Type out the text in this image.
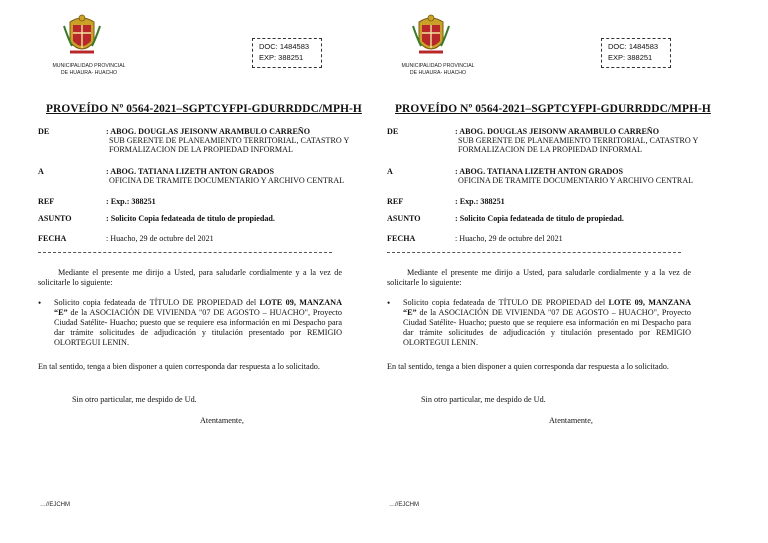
MUNICIPALIDAD PROVINCIAL
DE HUAURA- HUACHO
DOC: 1484583
EXP: 388251
PROVEÍDO Nº 0564-2021–SGPTCYFPI-GDURRDDC/MPH-H
DE	: ABOG. DOUGLAS JEISONW ARAMBULO CARREÑO
SUB GERENTE DE PLANEAMIENTO TERRITORIAL, CATASTRO Y
FORMALIZACION DE LA PROPIEDAD INFORMAL
A	: ABOG. TATIANA LIZETH ANTON GRADOS
OFICINA DE TRAMITE DOCUMENTARIO Y ARCHIVO CENTRAL
REF	: Exp.: 388251
ASUNTO	: Solicito Copia fedateada de titulo de propiedad.
FECHA	: Huacho, 29 de octubre del 2021
Mediante el presente me dirijo a Usted, para saludarle cordialmente y a la vez de solicitarle lo siguiente:
• Solicito copia fedateada de TÍTULO DE PROPIEDAD del LOTE 09, MANZANA “E” de la ASOCIACIÓN DE VIVIENDA "07 DE AGOSTO – HUACHO", Proyecto Ciudad Satélite- Huacho; puesto que se requiere esa información en mi Despacho para dar trámite solicitudes de adjudicación y titulación presentado por REMIGIO OLORTEGUI LENIN.
En tal sentido, tenga a bien disponer a quien corresponda dar respuesta a lo solicitado.
Sin otro particular, me despido de Ud.
Atentamente,
…//EJCHM
MUNICIPALIDAD PROVINCIAL
DE HUAURA- HUACHO
DOC: 1484583
EXP: 388251
PROVEÍDO Nº 0564-2021–SGPTCYFPI-GDURRDDC/MPH-H
DE	: ABOG. DOUGLAS JEISONW ARAMBULO CARREÑO
SUB GERENTE DE PLANEAMIENTO TERRITORIAL, CATASTRO Y
FORMALIZACION DE LA PROPIEDAD INFORMAL
A	: ABOG. TATIANA LIZETH ANTON GRADOS
OFICINA DE TRAMITE DOCUMENTARIO Y ARCHIVO CENTRAL
REF	: Exp.: 388251
ASUNTO	: Solicito Copia fedateada de titulo de propiedad.
FECHA	: Huacho, 29 de octubre del 2021
Mediante el presente me dirijo a Usted, para saludarle cordialmente y a la vez de solicitarle lo siguiente:
• Solicito copia fedateada de TÍTULO DE PROPIEDAD del LOTE 09, MANZANA “E” de la ASOCIACIÓN DE VIVIENDA "07 DE AGOSTO – HUACHO", Proyecto Ciudad Satélite- Huacho; puesto que se requiere esa información en mi Despacho para dar trámite solicitudes de adjudicación y titulación presentado por REMIGIO OLORTEGUI LENIN.
En tal sentido, tenga a bien disponer a quien corresponda dar respuesta a lo solicitado.
Sin otro particular, me despido de Ud.
Atentamente,
…//EJCHM
